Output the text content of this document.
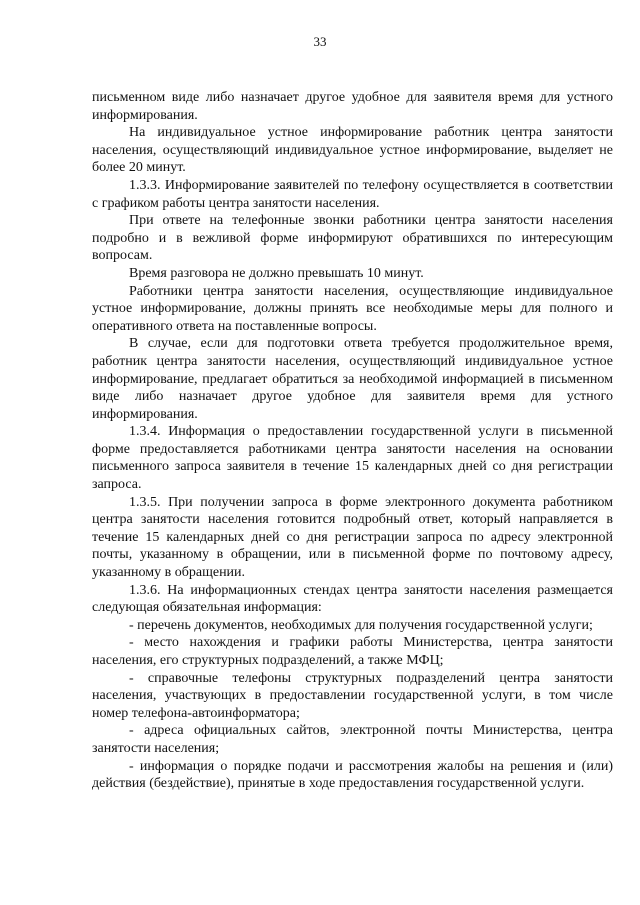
33

письменном виде либо назначает другое удобное для заявителя время для устного информирования.

На индивидуальное устное информирование работник центра занятости населения, осуществляющий индивидуальное устное информирование, выделяет не более 20 минут.

1.3.3. Информирование заявителей по телефону осуществляется в соответствии с графиком работы центра занятости населения.

При ответе на телефонные звонки работники центра занятости населения подробно и в вежливой форме информируют обратившихся по интересующим вопросам.

Время разговора не должно превышать 10 минут.

Работники центра занятости населения, осуществляющие индивидуальное устное информирование, должны принять все необходимые меры для полного и оперативного ответа на поставленные вопросы.

В случае, если для подготовки ответа требуется продолжительное время, работник центра занятости населения, осуществляющий индивидуальное устное информирование, предлагает обратиться за необходимой информацией в письменном виде либо назначает другое удобное для заявителя время для устного информирования.

1.3.4. Информация о предоставлении государственной услуги в письменной форме предоставляется работниками центра занятости населения на основании письменного запроса заявителя в течение 15 календарных дней со дня регистрации запроса.

1.3.5. При получении запроса в форме электронного документа работником центра занятости населения готовится подробный ответ, который направляется в течение 15 календарных дней со дня регистрации запроса по адресу электронной почты, указанному в обращении, или в письменной форме по почтовому адресу, указанному в обращении.

1.3.6. На информационных стендах центра занятости населения размещается следующая обязательная информация:

- перечень документов, необходимых для получения государственной услуги;

- место нахождения и графики работы Министерства, центра занятости населения, его структурных подразделений, а также МФЦ;

- справочные телефоны структурных подразделений центра занятости населения, участвующих в предоставлении государственной услуги, в том числе номер телефона-автоинформатора;

- адреса официальных сайтов, электронной почты Министерства, центра занятости населения;

- информация о порядке подачи и рассмотрения жалобы на решения и (или) действия (бездействие), принятые в ходе предоставления государственной услуги.
